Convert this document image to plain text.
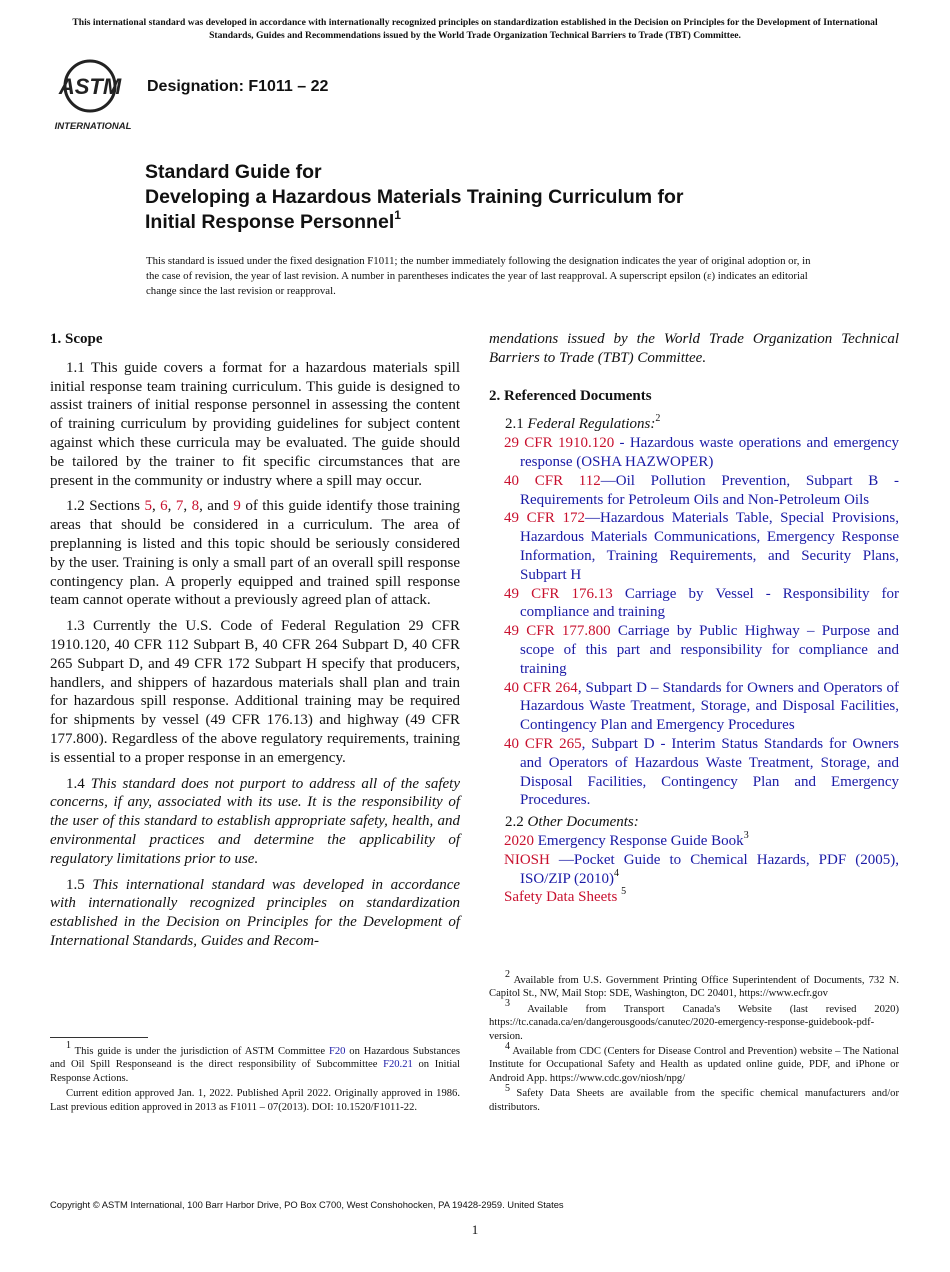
This international standard was developed in accordance with internationally recognized principles on standardization established in the Decision on Principles for the Development of International Standards, Guides and Recommendations issued by the World Trade Organization Technical Barriers to Trade (TBT) Committee.
ASTM
INTERNATIONAL
Designation: F1011 – 22
Standard Guide for
Developing a Hazardous Materials Training Curriculum for
Initial Response Personnel$^1$
This standard is issued under the fixed designation F1011; the number immediately following the designation indicates the year of original adoption or, in the case of revision, the year of last revision. A number in parentheses indicates the year of last reapproval. A superscript epsilon (ε) indicates an editorial change since the last revision or reapproval.

1. Scope

1.1 This guide covers a format for a hazardous materials spill initial response team training curriculum. This guide is designed to assist trainers of initial response personnel in assessing the content of training curriculum by providing guidelines for subject content against which these curricula may be evaluated. The guide should be tailored by the trainer to fit specific circumstances that are present in the community or industry where a spill may occur.

1.2 Sections 5, 6, 7, 8, and 9 of this guide identify those training areas that should be considered in a curriculum. The area of preplanning is listed and this topic should be seriously considered by the user. Training is only a small part of an overall spill response contingency plan. A properly equipped and trained spill response team cannot operate without a previously agreed plan of attack.

1.3 Currently the U.S. Code of Federal Regulation 29 CFR 1910.120, 40 CFR 112 Subpart B, 40 CFR 264 Subpart D, 40 CFR 265 Subpart D, and 49 CFR 172 Subpart H specify that producers, handlers, and shippers of hazardous materials shall plan and train for hazardous spill response. Additional training may be required for shipments by vessel (49 CFR 176.13) and highway (49 CFR 177.800). Regardless of the above regulatory requirements, training is essential to a proper response in an emergency.

1.4 This standard does not purport to address all of the safety concerns, if any, associated with its use. It is the responsibility of the user of this standard to establish appropriate safety, health, and environmental practices and determine the applicability of regulatory limitations prior to use.

1.5 This international standard was developed in accordance with internationally recognized principles on standardization established in the Decision on Principles for the Development of International Standards, Guides and Recom-

mendations issued by the World Trade Organization Technical Barriers to Trade (TBT) Committee.

2. Referenced Documents

2.1 Federal Regulations:$^2$

29 CFR 1910.120 - Hazardous waste operations and emergency response (OSHA HAZWOPER)

40 CFR 112—Oil Pollution Prevention, Subpart B - Requirements for Petroleum Oils and Non-Petroleum Oils

49 CFR 172—Hazardous Materials Table, Special Provisions, Hazardous Materials Communications, Emergency Response Information, Training Requirements, and Security Plans, Subpart H

49 CFR 176.13 Carriage by Vessel - Responsibility for compliance and training

49 CFR 177.800 Carriage by Public Highway – Purpose and scope of this part and responsibility for compliance and training

40 CFR 264, Subpart D – Standards for Owners and Operators of Hazardous Waste Treatment, Storage, and Disposal Facilities, Contingency Plan and Emergency Procedures

40 CFR 265, Subpart D - Interim Status Standards for Owners and Operators of Hazardous Waste Treatment, Storage, and Disposal Facilities, Contingency Plan and Emergency Procedures.

2.2 Other Documents:

2020 Emergency Response Guide Book$^3$

NIOSH —Pocket Guide to Chemical Hazards, PDF (2005), ISO/ZIP $(2010)^4$

Safety Data Sheets $^5$

$^1$ This guide is under the jurisdiction of ASTM Committee F20 on Hazardous Substances and Oil Spill Responseand is the direct responsibility of Subcommittee F20.21 on Initial Response Actions.

Current edition approved Jan. 1, 2022. Published April 2022. Originally approved in 1986. Last previous edition approved in 2013 as F1011 – 07(2013). DOI: 10.1520/F1011-22.

$^2$ Available from U.S. Government Printing Office Superintendent of Documents, 732 N. Capitol St., NW, Mail Stop: SDE, Washington, DC 20401, https://www.ecfr.gov

$^3$ Available from Transport Canada's Website (last revised 2020) https://tc.canada.ca/en/dangerousgoods/canutec/2020-emergency-response-guidebook-pdf-version.

$^4$ Available from CDC (Centers for Disease Control and Prevention) website – The National Institute for Occupational Safety and Health as updated online guide, PDF, and iPhone or Android App. https://www.cdc.gov/niosh/npg/

$^5$ Safety Data Sheets are available from the specific chemical manufacturers and/or distributors.

Copyright © ASTM International, 100 Barr Harbor Drive, PO Box C700, West Conshohocken, PA 19428-2959. United States
1
